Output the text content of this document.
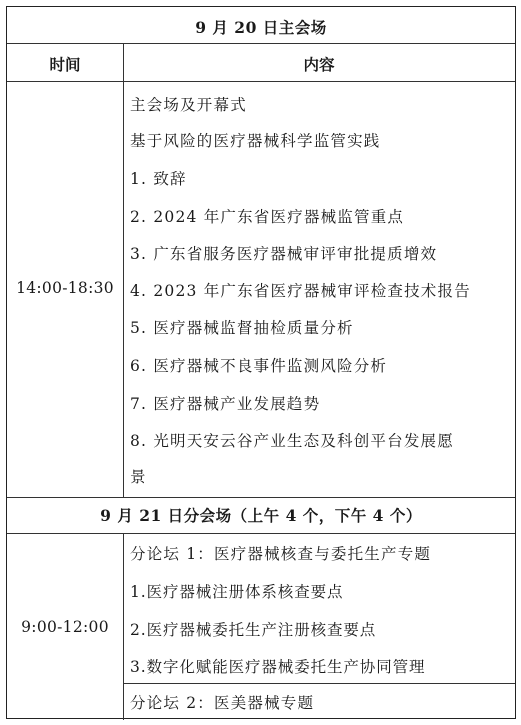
9 月 20 日主会场
时间	内容
14:00-18:30
主会场及开幕式
基于风险的医疗器械科学监管实践
1. 致辞
2. 2024 年广东省医疗器械监管重点
3. 广东省服务医疗器械审评审批提质增效
4. 2023 年广东省医疗器械审评检查技术报告
5. 医疗器械监督抽检质量分析
6. 医疗器械不良事件监测风险分析
7. 医疗器械产业发展趋势
8. 光明天安云谷产业生态及科创平台发展愿
景
9 月 21 日分会场（上午 4 个，下午 4 个）
9:00-12:00
分论坛 1：医疗器械核查与委托生产专题
1.医疗器械注册体系核查要点
2.医疗器械委托生产注册核查要点
3.数字化赋能医疗器械委托生产协同管理
分论坛 2：医美器械专题
